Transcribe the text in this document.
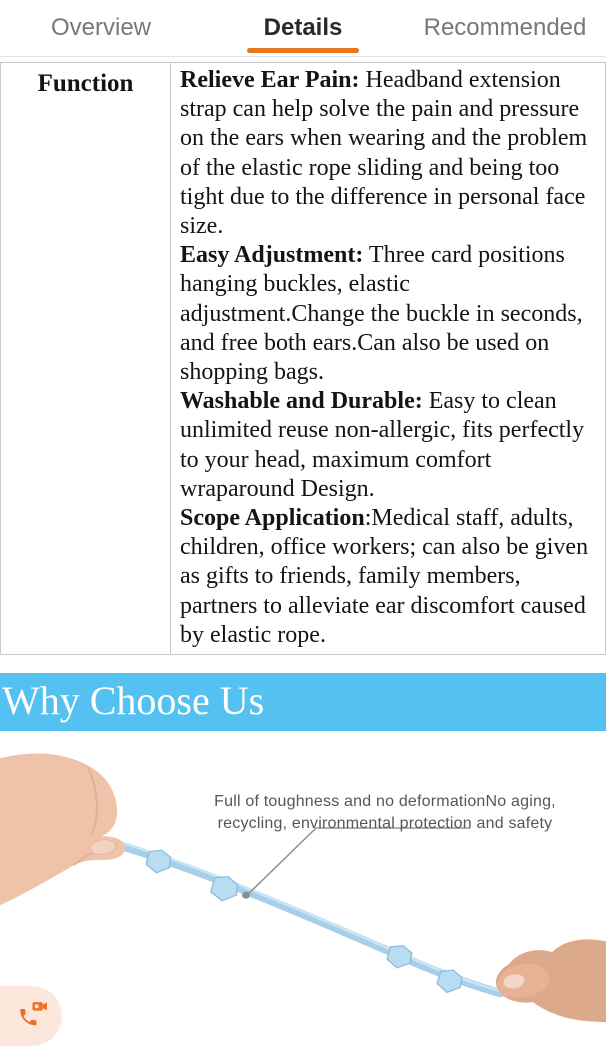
Overview	Details	Recommended
Function	Relieve Ear Pain: Headband extension strap can help solve the pain and pressure on the ears when wearing and the problem of the elastic rope sliding and being too tight due to the difference in personal face size.

Easy Adjustment: Three card positions hanging buckles, elastic adjustment.Change the buckle in seconds, and free both ears.Can also be used on shopping bags.

Washable and Durable: Easy to clean unlimited reuse non-allergic, fits perfectly to your head, maximum comfort wraparound Design.

Scope Application:Medical staff, adults, children, office workers; can also be given as gifts to friends, family members, partners to alleviate ear discomfort caused by elastic rope.

Why Choose Us
Full of toughness and no deformationNo aging,
recycling, environmental protection and safety
